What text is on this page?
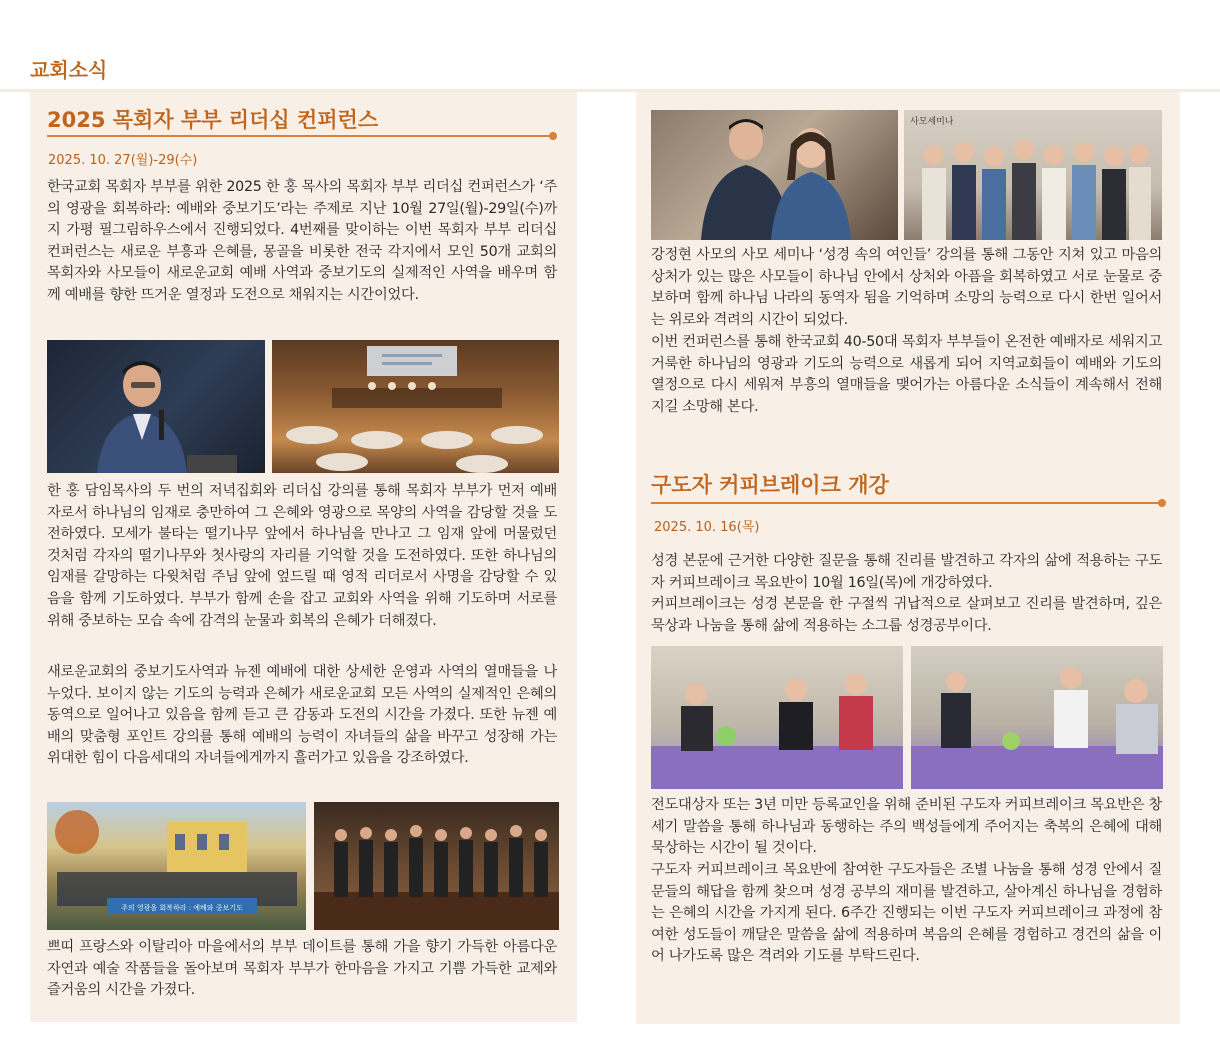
교회소식
2025 목회자 부부 리더십 컨퍼런스
2025. 10. 27(월)-29(수)

한국교회 목회자 부부를 위한 2025 한 홍 목사의 목회자 부부 리더십 컨퍼런스가 ‘주의 영광을 회복하라: 예배와 중보기도’라는 주제로 지난 10월 27일(월)-29일(수)까지 가평 필그림하우스에서 진행되었다. 4번째를 맞이하는 이번 목회자 부부 리더십 컨퍼런스는 새로운 부흥과 은혜를, 몽골을 비롯한 전국 각지에서 모인 50개 교회의 목회자와 사모들이 새로운교회 예배 사역과 중보기도의 실제적인 사역을 배우며 함께 예배를 향한 뜨거운 열정과 도전으로 채워지는 시간이었다.

한 홍 담임목사의 두 번의 저녁집회와 리더십 강의를 통해 목회자 부부가 먼저 예배자로서 하나님의 임재로 충만하여 그 은혜와 영광으로 목양의 사역을 감당할 것을 도전하였다. 모세가 불타는 떨기나무 앞에서 하나님을 만나고 그 임재 앞에 머물렀던 것처럼 각자의 떨기나무와 첫사랑의 자리를 기억할 것을 도전하였다. 또한 하나님의 임재를 갈망하는 다윗처럼 주님 앞에 엎드릴 때 영적 리더로서 사명을 감당할 수 있음을 함께 기도하였다. 부부가 함께 손을 잡고 교회와 사역을 위해 기도하며 서로를 위해 중보하는 모습 속에 감격의 눈물과 회복의 은혜가 더해졌다.

새로운교회의 중보기도사역과 뉴젠 예배에 대한 상세한 운영과 사역의 열매들을 나누었다. 보이지 않는 기도의 능력과 은혜가 새로운교회 모든 사역의 실제적인 은혜의 동역으로 일어나고 있음을 함께 듣고 큰 감동과 도전의 시간을 가졌다. 또한 뉴젠 예배의 맞춤형 포인트 강의를 통해 예배의 능력이 자녀들의 삶을 바꾸고 성장해 가는 위대한 힘이 다음세대의 자녀들에게까지 흘러가고 있음을 강조하였다.

주의 영광을 회복하라 : 예배와 중보기도

쁘띠 프랑스와 이탈리아 마을에서의 부부 데이트를 통해 가을 향기 가득한 아름다운 자연과 예술 작품들을 돌아보며 목회자 부부가 한마음을 가지고 기쁨 가득한 교제와 즐거움의 시간을 가졌다.

사모세미나

강정현 사모의 사모 세미나 ‘성경 속의 여인들’ 강의를 통해 그동안 지쳐 있고 마음의 상처가 있는 많은 사모들이 하나님 안에서 상처와 아픔을 회복하였고 서로 눈물로 중보하며 함께 하나님 나라의 동역자 됨을 기억하며 소망의 능력으로 다시 한번 일어서는 위로와 격려의 시간이 되었다.

이번 컨퍼런스를 통해 한국교회 40-50대 목회자 부부들이 온전한 예배자로 세워지고 거룩한 하나님의 영광과 기도의 능력으로 새롭게 되어 지역교회들이 예배와 기도의 열정으로 다시 세워져 부흥의 열매들을 맺어가는 아름다운 소식들이 계속해서 전해지길 소망해 본다.

구도자 커피브레이크 개강
2025. 10. 16(목)

성경 본문에 근거한 다양한 질문을 통해 진리를 발견하고 각자의 삶에 적용하는 구도자 커피브레이크 목요반이 10월 16일(목)에 개강하였다.

커피브레이크는 성경 본문을 한 구절씩 귀납적으로 살펴보고 진리를 발견하며, 깊은 묵상과 나눔을 통해 삶에 적용하는 소그룹 성경공부이다.

전도대상자 또는 3년 미만 등록교인을 위해 준비된 구도자 커피브레이크 목요반은 창세기 말씀을 통해 하나님과 동행하는 주의 백성들에게 주어지는 축복의 은혜에 대해 묵상하는 시간이 될 것이다.

구도자 커피브레이크 목요반에 참여한 구도자들은 조별 나눔을 통해 성경 안에서 질문들의 해답을 함께 찾으며 성경 공부의 재미를 발견하고, 살아계신 하나님을 경험하는 은혜의 시간을 가지게 된다. 6주간 진행되는 이번 구도자 커피브레이크 과정에 참여한 성도들이 깨달은 말씀을 삶에 적용하며 복음의 은혜를 경험하고 경건의 삶을 이어 나가도록 많은 격려와 기도를 부탁드린다.
